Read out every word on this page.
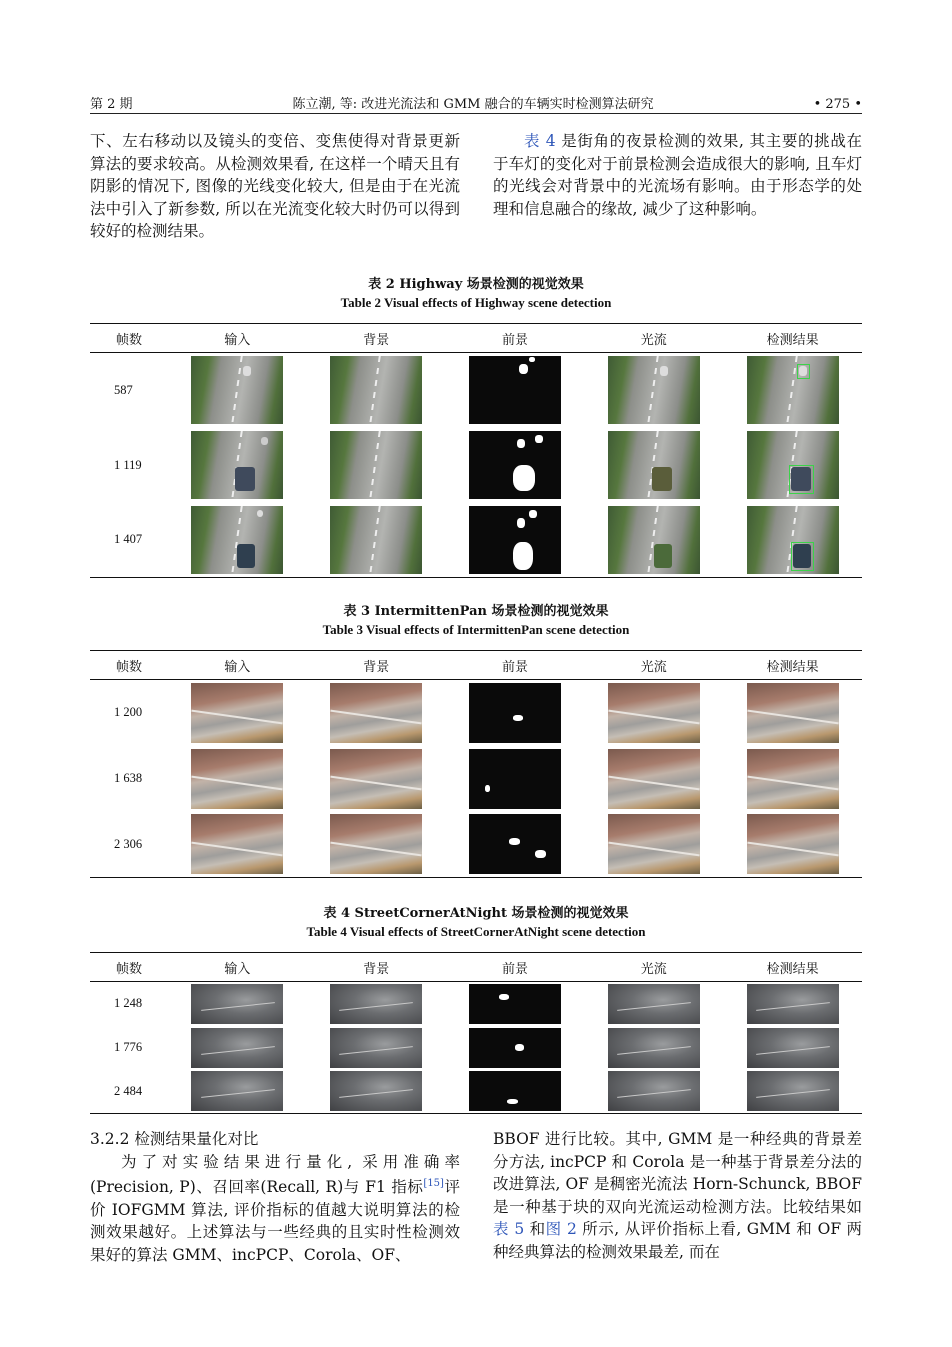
第 2 期	陈立潮, 等: 改进光流法和 GMM 融合的车辆实时检测算法研究	• 275 •

下、左右移动以及镜头的变倍、变焦使得对背景更新算法的要求较高。从检测效果看, 在这样一个晴天且有阴影的情况下, 图像的光线变化较大, 但是由于在光流法中引入了新参数, 所以在光流变化较大时仍可以得到较好的检测结果。

表 4 是街角的夜景检测的效果, 其主要的挑战在于车灯的变化对于前景检测会造成很大的影响, 且车灯的光线会对背景中的光流场有影响。由于形态学的处理和信息融合的缘故, 减少了这种影响。

表 2 Highway 场景检测的视觉效果
Table 2 Visual effects of Highway scene detection
帧数	输入	背景	前景	光流	检测结果
587	

1 119	

1 407	

表 3 IntermittenPan 场景检测的视觉效果
Table 3 Visual effects of IntermittenPan scene detection
帧数	输入	背景	前景	光流	检测结果
1 200			

1 638			

2 306			

表 4 StreetCornerAtNight 场景检测的视觉效果
Table 4 Visual effects of StreetCornerAtNight scene detection
帧数	输入	背景	前景	光流	检测结果
1 248			

1 776			

2 484			

3.2.2 检测结果量化对比

为了对实验结果进行量化, 采用准确率(Precision, P)、召回率(Recall, R)与 F1 指标[15]评价 IOFGMM 算法, 评价指标的值越大说明算法的检测效果越好。上述算法与一些经典的且实时性检测效果好的算法 GMM、incPCP、Corola、OF、

BBOF 进行比较。其中, GMM 是一种经典的背景差分方法, incPCP 和 Corola 是一种基于背景差分法的改进算法, OF 是稠密光流法 Horn-Schunck, BBOF 是一种基于块的双向光流运动检测方法。比较结果如表 5 和图 2 所示, 从评价指标上看, GMM 和 OF 两种经典算法的检测效果最差, 而在
